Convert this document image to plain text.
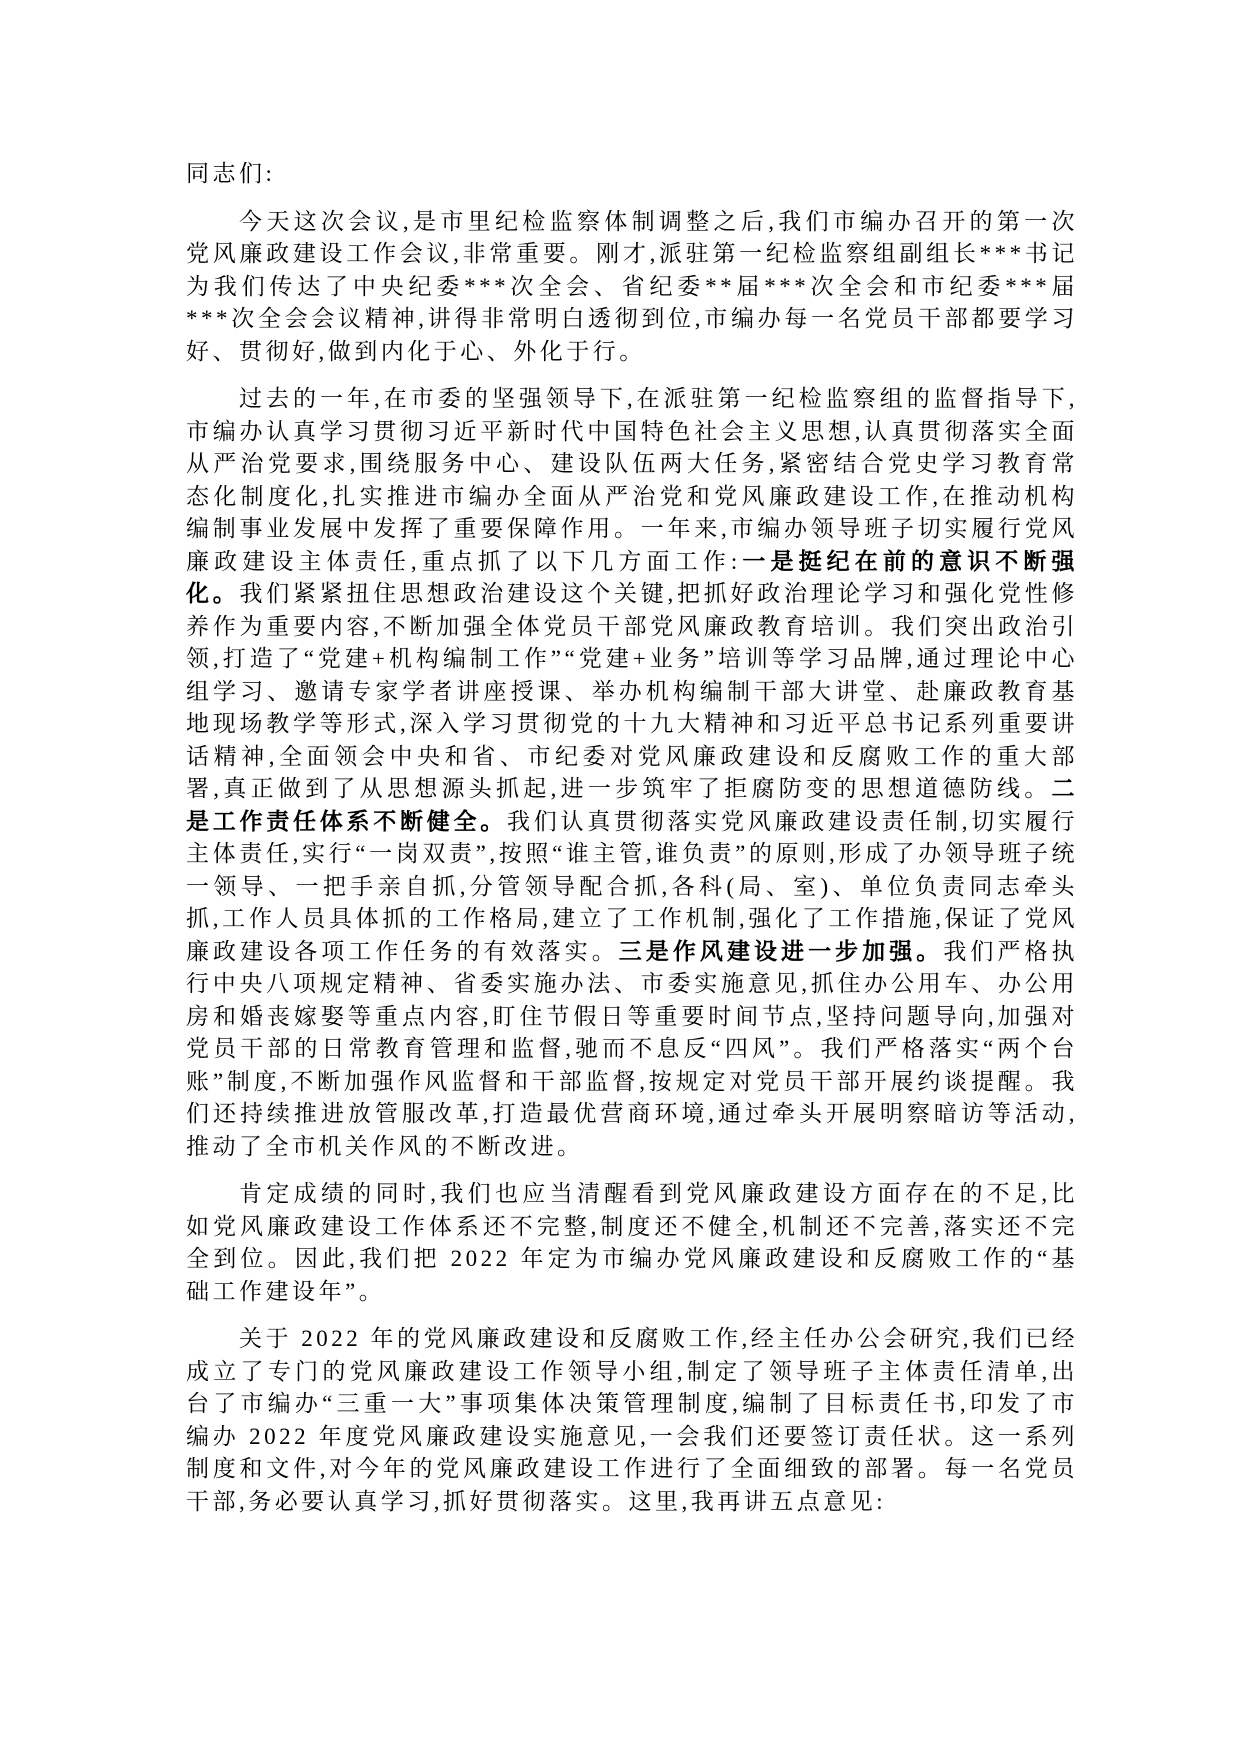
同志们:

今天这次会议,是市里纪检监察体制调整之后,我们市编办召开的第一次党风廉政建设工作会议,非常重要。刚才,派驻第一纪检监察组副组长***书记为我们传达了中央纪委***次全会、省纪委**届***次全会和市纪委***届***次全会会议精神,讲得非常明白透彻到位,市编办每一名党员干部都要学习好、贯彻好,做到内化于心、外化于行。

过去的一年,在市委的坚强领导下,在派驻第一纪检监察组的监督指导下,市编办认真学习贯彻习近平新时代中国特色社会主义思想,认真贯彻落实全面从严治党要求,围绕服务中心、建设队伍两大任务,紧密结合党史学习教育常态化制度化,扎实推进市编办全面从严治党和党风廉政建设工作,在推动机构编制事业发展中发挥了重要保障作用。一年来,市编办领导班子切实履行党风廉政建设主体责任,重点抓了以下几方面工作:一是挺纪在前的意识不断强化。我们紧紧扭住思想政治建设这个关键,把抓好政治理论学习和强化党性修养作为重要内容,不断加强全体党员干部党风廉政教育培训。我们突出政治引领,打造了“党建+机构编制工作”“党建+业务”培训等学习品牌,通过理论中心组学习、邀请专家学者讲座授课、举办机构编制干部大讲堂、赴廉政教育基地现场教学等形式,深入学习贯彻党的十九大精神和习近平总书记系列重要讲话精神,全面领会中央和省、市纪委对党风廉政建设和反腐败工作的重大部署,真正做到了从思想源头抓起,进一步筑牢了拒腐防变的思想道德防线。二是工作责任体系不断健全。我们认真贯彻落实党风廉政建设责任制,切实履行主体责任,实行“一岗双责”,按照“谁主管,谁负责”的原则,形成了办领导班子统一领导、一把手亲自抓,分管领导配合抓,各科(局、室)、单位负责同志牵头抓,工作人员具体抓的工作格局,建立了工作机制,强化了工作措施,保证了党风廉政建设各项工作任务的有效落实。三是作风建设进一步加强。我们严格执行中央八项规定精神、省委实施办法、市委实施意见,抓住办公用车、办公用房和婚丧嫁娶等重点内容,盯住节假日等重要时间节点,坚持问题导向,加强对党员干部的日常教育管理和监督,驰而不息反“四风”。我们严格落实“两个台账”制度,不断加强作风监督和干部监督,按规定对党员干部开展约谈提醒。我们还持续推进放管服改革,打造最优营商环境,通过牵头开展明察暗访等活动,推动了全市机关作风的不断改进。

肯定成绩的同时,我们也应当清醒看到党风廉政建设方面存在的不足,比如党风廉政建设工作体系还不完整,制度还不健全,机制还不完善,落实还不完全到位。因此,我们把 2022 年定为市编办党风廉政建设和反腐败工作的“基础工作建设年”。

关于 2022 年的党风廉政建设和反腐败工作,经主任办公会研究,我们已经成立了专门的党风廉政建设工作领导小组,制定了领导班子主体责任清单,出台了市编办“三重一大”事项集体决策管理制度,编制了目标责任书,印发了市编办 2022 年度党风廉政建设实施意见,一会我们还要签订责任状。这一系列制度和文件,对今年的党风廉政建设工作进行了全面细致的部署。每一名党员干部,务必要认真学习,抓好贯彻落实。这里,我再讲五点意见:
